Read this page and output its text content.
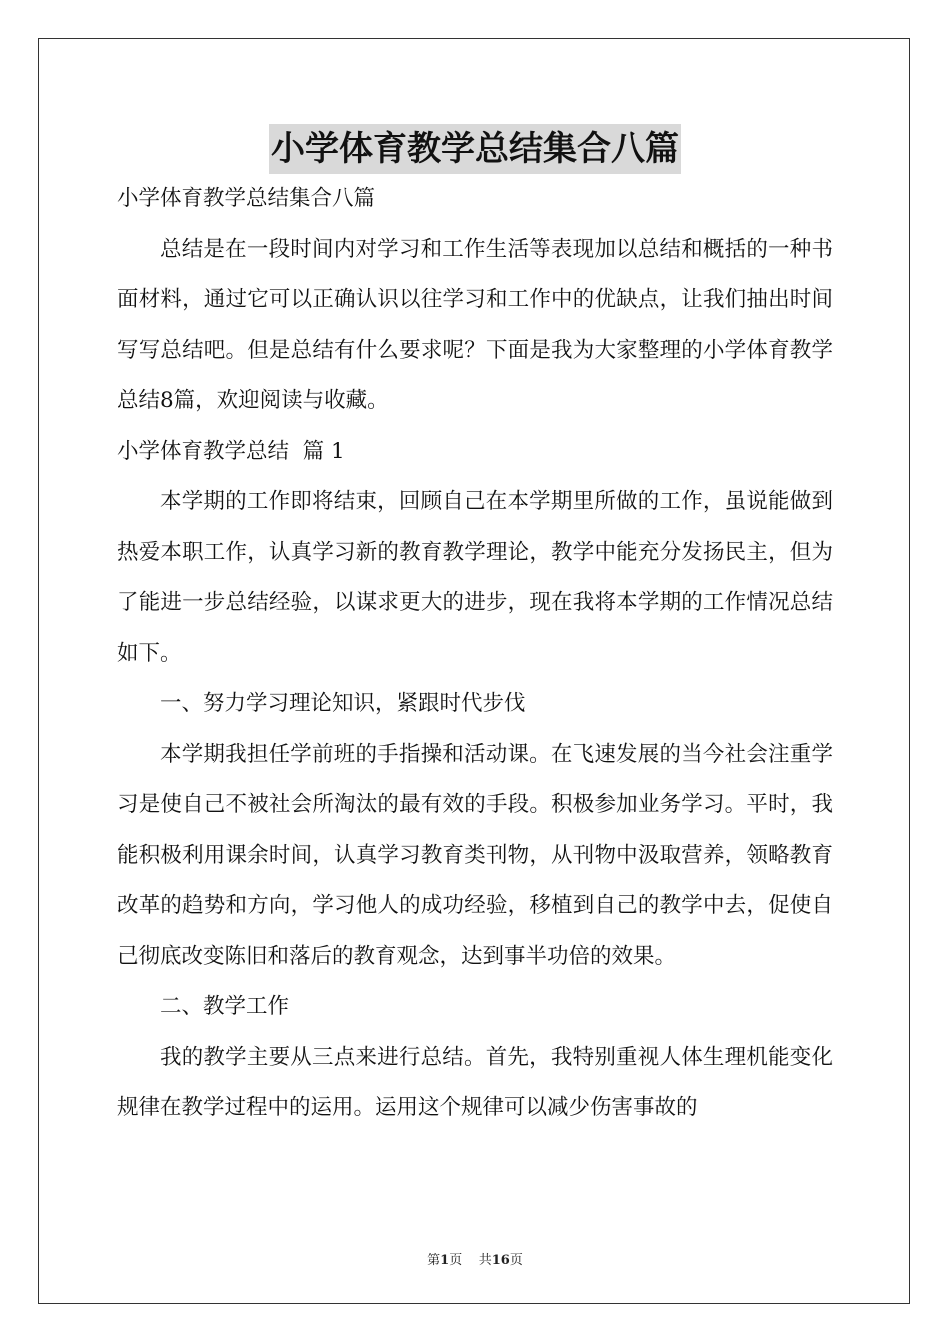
小学体育教学总结集合八篇

小学体育教学总结集合八篇

总结是在一段时间内对学习和工作生活等表现加以总结和概括的一种书面材料，通过它可以正确认识以往学习和工作中的优缺点，让我们抽出时间写写总结吧。但是总结有什么要求呢？下面是我为大家整理的小学体育教学总结8篇，欢迎阅读与收藏。

小学体育教学总结  篇 1

本学期的工作即将结束，回顾自己在本学期里所做的工作，虽说能做到热爱本职工作，认真学习新的教育教学理论，教学中能充分发扬民主，但为了能进一步总结经验，以谋求更大的进步，现在我将本学期的工作情况总结如下。

一、努力学习理论知识，紧跟时代步伐

本学期我担任学前班的手指操和活动课。在飞速发展的当今社会注重学习是使自己不被社会所淘汰的最有效的手段。积极参加业务学习。平时，我能积极利用课余时间，认真学习教育类刊物，从刊物中汲取营养，领略教育改革的趋势和方向，学习他人的成功经验，移植到自己的教学中去，促使自己彻底改变陈旧和落后的教育观念，达到事半功倍的效果。

二、教学工作

我的教学主要从三点来进行总结。首先，我特别重视人体生理机能变化规律在教学过程中的运用。运用这个规律可以减少伤害事故的

第1页 共16页
